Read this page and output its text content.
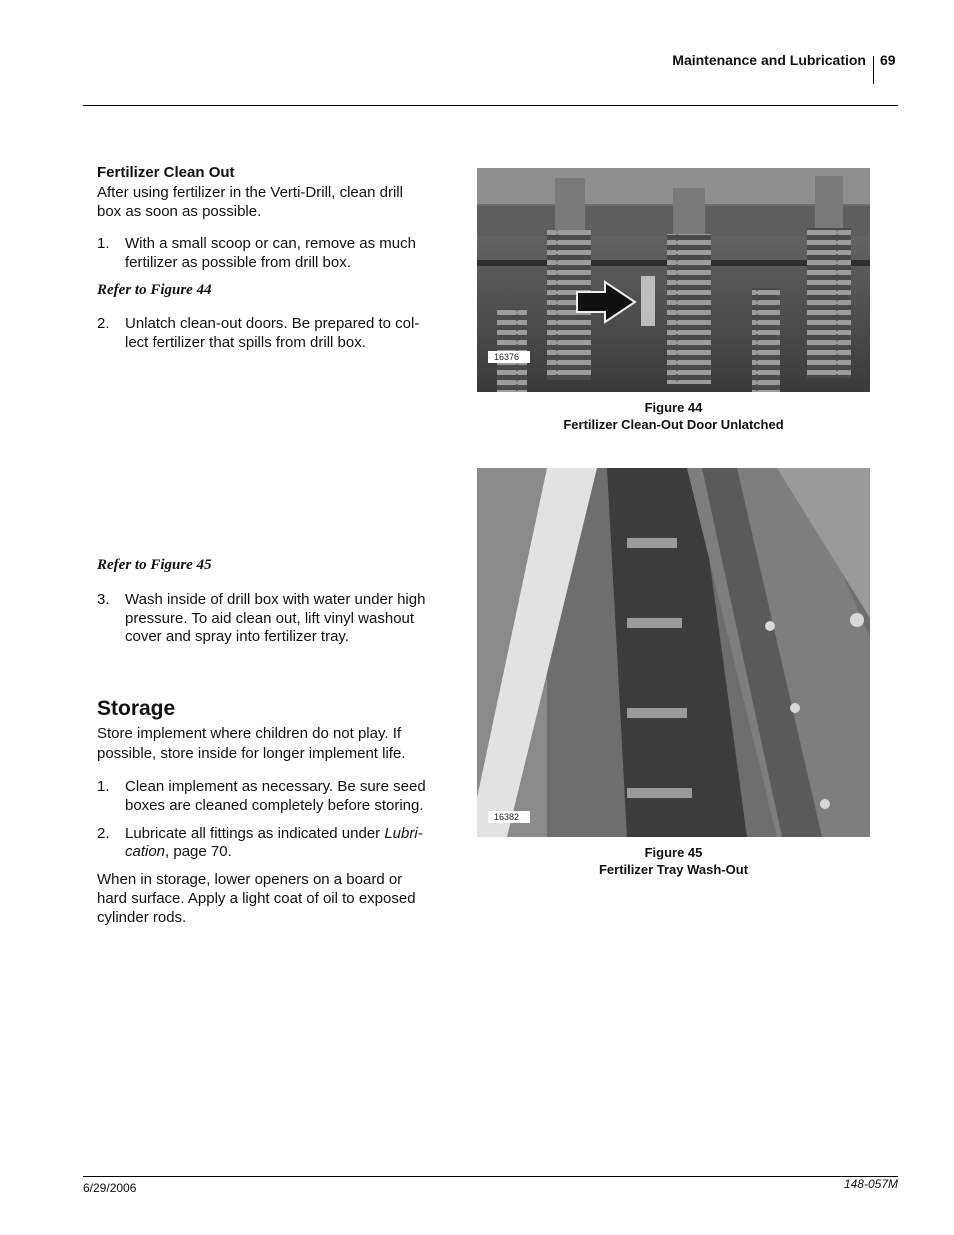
Maintenance and Lubrication 69
Fertilizer Clean Out
After using fertilizer in the Verti-Drill, clean drill
box as soon as possible.
1.	With a small scoop or can, remove as much
fertilizer as possible from drill box.
Refer to Figure 44
2.	Unlatch clean-out doors. Be prepared to col-
lect fertilizer that spills from drill box.
Refer to Figure 45
3.	Wash inside of drill box with water under high
pressure. To aid clean out, lift vinyl washout
cover and spray into fertilizer tray.
Storage
Store implement where children do not play. If
possible, store inside for longer implement life.
1.	Clean implement as necessary. Be sure seed
boxes are cleaned completely before storing.
2.	Lubricate all fittings as indicated under Lubri-
cation, page 70.
When in storage, lower openers on a board or
hard surface. Apply a light coat of oil to exposed
cylinder rods.
16376
Figure 44
Fertilizer Clean-Out Door Unlatched
16382
Figure 45
Fertilizer Tray Wash-Out
6/29/2006	148-057M
